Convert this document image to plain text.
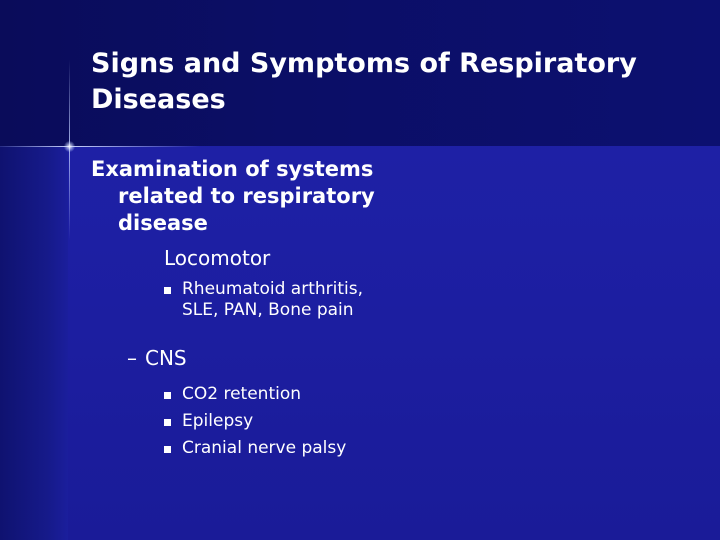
Signs and Symptoms of Respiratory Diseases
Examination of systems related to respiratory disease
Locomotor
Rheumatoid arthritis, SLE, PAN, Bone pain
– CNS
CO2 retention
Epilepsy
Cranial nerve palsy
